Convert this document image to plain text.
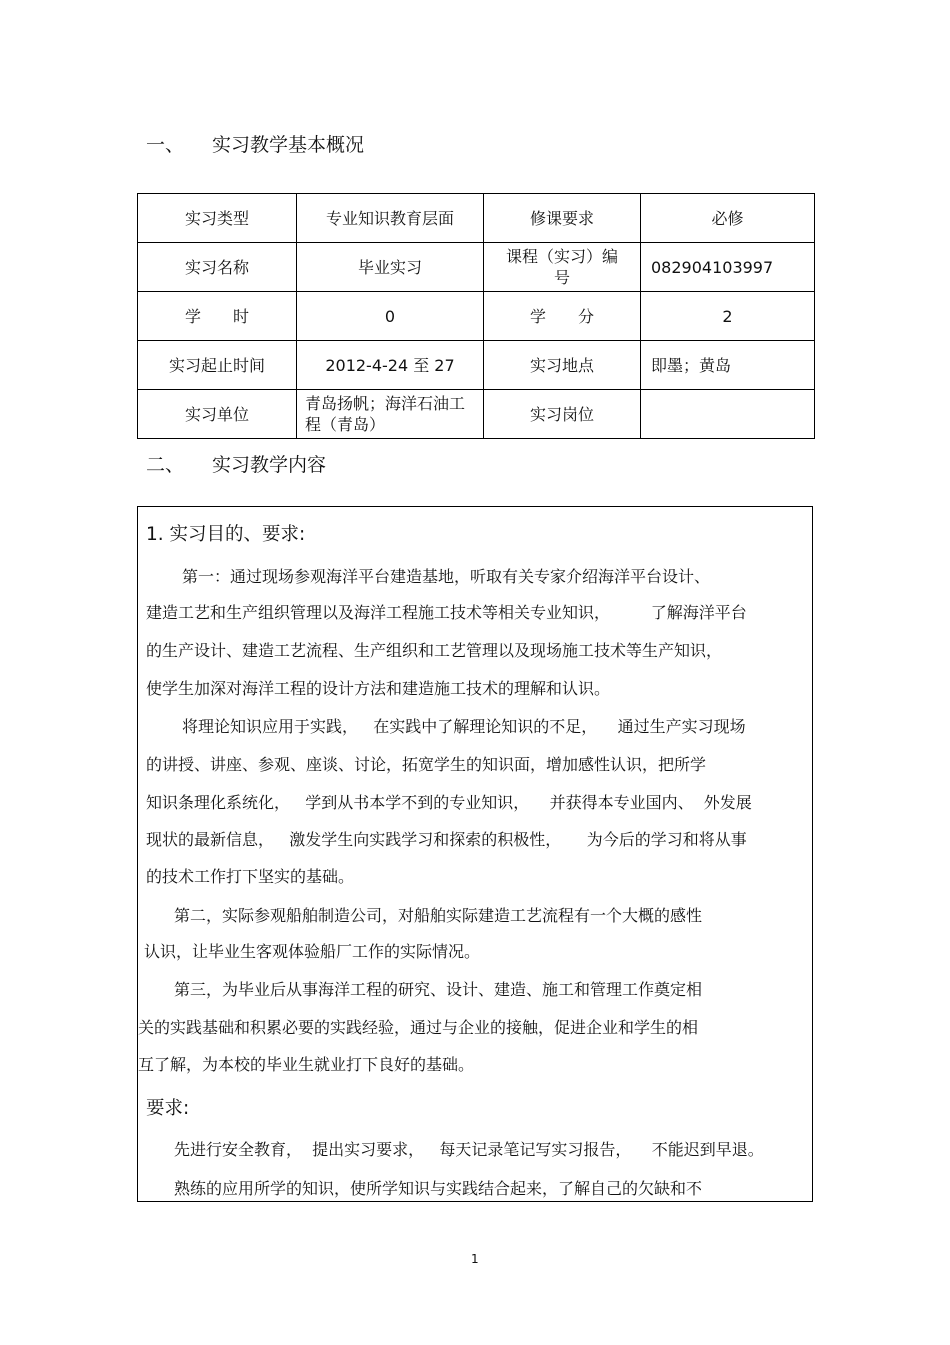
一、 实习教学基本概况
实习类型	专业知识教育层面	修课要求	必修
实习名称	毕业实习	课程（实习）编号	082904103997
学　　时	0	学　　分	2
实习起止时间	2012-4-24 至 27	实习地点	即墨；黄岛
实习单位	青岛扬帆；海洋石油工程（青岛）	实习岗位	
二、 实习教学内容
1. 实习目的、要求:
第一：通过现场参观海洋平台建造基地，听取有关专家介绍海洋平台设计、
建造工艺和生产组织管理以及海洋工程施工技术等相关专业知识，        了解海洋平台
的生产设计、建造工艺流程、生产组织和工艺管理以及现场施工技术等生产知识，
使学生加深对海洋工程的设计方法和建造施工技术的理解和认识。
将理论知识应用于实践，   在实践中了解理论知识的不足，    通过生产实习现场
的讲授、讲座、参观、座谈、讨论，拓宽学生的知识面，增加感性认识，把所学
知识条理化系统化，   学到从书本学不到的专业知识，    并获得本专业国内、  外发展
现状的最新信息，   激发学生向实践学习和探索的积极性，     为今后的学习和将从事
的技术工作打下坚实的基础。
第二，实际参观船舶制造公司，对船舶实际建造工艺流程有一个大概的感性
认识，让毕业生客观体验船厂工作的实际情况。
第三，为毕业后从事海洋工程的研究、设计、建造、施工和管理工作奠定相
关的实践基础和积累必要的实践经验，通过与企业的接触，促进企业和学生的相
互了解，为本校的毕业生就业打下良好的基础。
要求:
先进行安全教育，  提出实习要求，   每天记录笔记写实习报告，    不能迟到早退。
熟练的应用所学的知识，使所学知识与实践结合起来，了解自己的欠缺和不
1
